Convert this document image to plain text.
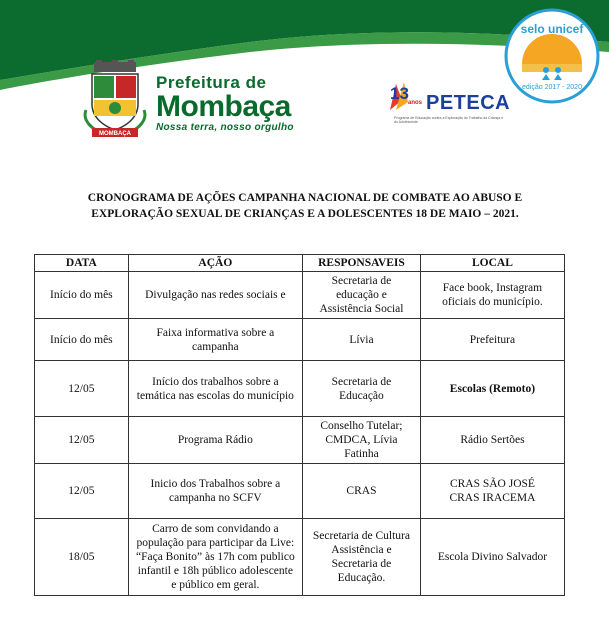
MOMBAÇA
Prefeitura de
Mombaça
Nossa terra, nosso orgulho
13 anos PETECA
Programa de Educação contra a Exploração do Trabalho da Criança e do Adolescente
selo unicef
edição 2017 - 2020
CRONOGRAMA DE AÇÕES CAMPANHA NACIONAL DE COMBATE AO ABUSO E
EXPLORAÇÃO SEXUAL DE CRIANÇAS E A DOLESCENTES 18 DE MAIO – 2021.
DATA	AÇÃO	RESPONSAVEIS	LOCAL
Início do mês	Divulgação nas redes sociais e	Secretaria de educação e Assistência Social	Face book, Instagram oficiais do município.
Início do mês	Faixa informativa sobre a campanha	Lívia	Prefeitura
12/05	Início dos trabalhos sobre a temática nas escolas do município	Secretaria de Educação	Escolas (Remoto)
12/05	Programa Rádio	Conselho Tutelar; CMDCA, Lívia Fatinha	Rádio Sertões
12/05	Inicio dos Trabalhos sobre a campanha no SCFV	CRAS	CRAS SÃO JOSÉ
CRAS IRACEMA

18/05	Carro de som convidando a população para participar da Live: “Faça Bonito” às 17h com publico infantil e 18h público adolescente e público em geral.	Secretaria de Cultura Assistência e Secretaria de Educação.	Escola Divino Salvador
